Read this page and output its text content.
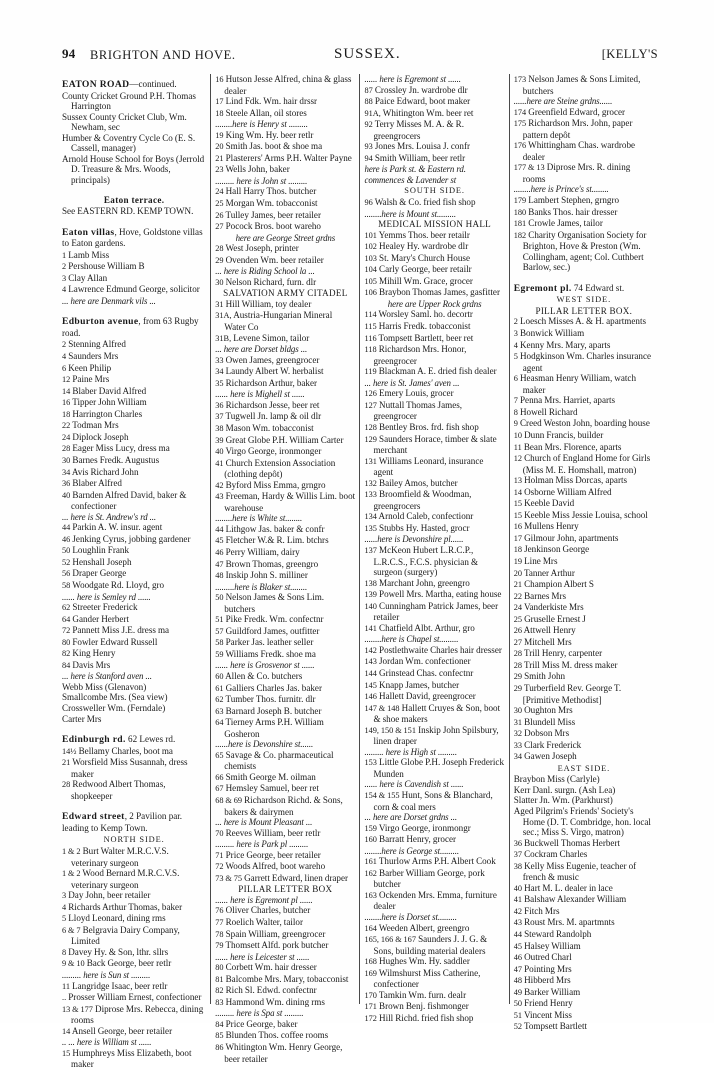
94 BRIGHTON AND HOVE.	SUSSEX.	[KELLY'S
EATON ROAD—continued.
County Cricket Ground P.H. Thomas Harrington
Sussex County Cricket Club, Wm. Newham, sec
Humber & Coventry Cycle Co (E. S. Cassell, manager)
Arnold House School for Boys (Jerrold D. Treasure & Mrs. Woods, principals)
Eaton terrace.
See EASTERN RD. KEMP TOWN.
Eaton villas, Hove, Goldstone villas to Eaton gardens.
1 Lamb Miss
2 Pershouse William B
3 Clay Allan
4 Lawrence Edmund George, solicitor
... here are Denmark vils ...
Edburton avenue, from 63 Rugby road.
2 Stenning Alfred
4 Saunders Mrs
6 Keen Philip
12 Paine Mrs
14 Blaber David Alfred
16 Tipper John William
18 Harrington Charles
22 Todman Mrs
24 Diplock Joseph
28 Eager Miss Lucy, dress ma
30 Barnes Fredk. Augustus
34 Avis Richard John
36 Blaber Alfred
40 Barnden Alfred David, baker & confectioner
... here is St. Andrew's rd ...
44 Parkin A. W. insur. agent
46 Jenking Cyrus, jobbing gardener
50 Loughlin Frank
52 Henshall Joseph
56 Draper George
58 Woodgate Rd. Lloyd, gro
...... here is Semley rd ......
62 Streeter Frederick
64 Gander Herbert
72 Pannett Miss J.E. dress ma
80 Fowler Edward Russell
82 King Henry
84 Davis Mrs
... here is Stanford aven ...
Webb Miss (Glenavon)
Smallcombe Mrs. (Sea view)
Crossweller Wm. (Ferndale)
Carter Mrs
Edinburgh rd. 62 Lewes rd.
14½ Bellamy Charles, boot ma
21 Worsfield Miss Susannah, dress maker
28 Redwood Albert Thomas, shopkeeper
Edward street, 2 Pavilion par. leading to Kemp Town.
NORTH SIDE.
1 & 2 Burt Walter M.R.C.V.S. veterinary surgeon
1 & 2 Wood Bernard M.R.C.V.S. veterinary surgeon
3 Day John, beer retailer
4 Richards Arthur Thomas, baker
5 Lloyd Leonard, dining rms
6 & 7 Belgravia Dairy Company, Limited
8 Davey Hy. & Son, lthr. sllrs
9 & 10 Back George, beer retlr
......... here is Sun st .........
11 Langridge Isaac, beer retlr
.. Prosser William Ernest, confectioner
13 & 177 Diprose Mrs. Rebecca, dining rooms
14 Ansell George, beer retailer
.. ... here is William st ......
15 Humphreys Miss Elizabeth, boot maker
16 Hutson Jesse Alfred, china & glass dealer
17 Lind Fdk. Wm. hair drssr
18 Steele Allan, oil stores
........here is Henry st .........
19 King Wm. Hy. beer retlr
20 Smith Jas. boot & shoe ma
21 Plasterers' Arms P.H. Walter Payne
23 Wells John, baker
......... here is John st .........
24 Hall Harry Thos. butcher
25 Morgan Wm. tobacconist
26 Tulley James, beer retailer
27 Pocock Bros. boot wareho
here are George Street grdns
28 West Joseph, printer
29 Ovenden Wm. beer retailer
... here is Riding School la ...
30 Nelson Richard, furn. dlr
SALVATION ARMY CITADEL
31 Hill William, toy dealer
31A, Austria-Hungarian Mineral Water Co
31B, Levene Simon, tailor
... here are Dorset bldgs ...
33 Owen James, greengrocer
34 Laundy Albert W. herbalist
35 Richardson Arthur, baker
...... here is Mighell st ......
36 Richardson Jesse, beer ret
37 Tugwell Jn. lamp & oil dlr
38 Mason Wm. tobacconist
39 Great Globe P.H. William Carter
40 Virgo George, ironmonger
41 Church Extension Association (clothing depôt)
42 Byford Miss Emma, grngro
43 Freeman, Hardy & Willis Lim. boot warehouse
........here is White st........
44 Lithgow Jas. baker & confr
45 Fletcher W.& R. Lim. btchrs
46 Perry William, dairy
47 Brown Thomas, greengro
48 Inskip John S. milliner
.........here is Blaker st........
50 Nelson James & Sons Lim. butchers
51 Pike Fredk. Wm. confectnr
57 Guildford James, outfitter
58 Parker Jas. leather seller
59 Williams Fredk. shoe ma
...... here is Grosvenor st ......
60 Allen & Co. butchers
61 Galliers Charles Jas. baker
62 Tumber Thos. furnitr. dlr
63 Barnard Joseph B. butcher
64 Tierney Arms P.H. William Gosheron
......here is Devonshire st......
65 Savage & Co. pharmaceutical chemists
66 Smith George M. oilman
67 Hemsley Samuel, beer ret
68 & 69 Richardson Richd. & Sons, bakers & dairymen
... here is Mount Pleasant ...
70 Reeves William, beer retlr
......... here is Park pl .........
71 Price George, beer retailer
72 Woods Alfred, boot wareho
73 & 75 Garrett Edward, linen draper
PILLAR LETTER BOX
...... here is Egremont pl ......
76 Oliver Charles, butcher
77 Roelich Walter, tailor
78 Spain William, greengrocer
79 Thomsett Alfd. pork butcher
...... here is Leicester st ......
80 Corbett Wm. hair dresser
81 Balcombe Mrs. Mary, tobacconist
82 Rich Sl. Edwd. confectnr
83 Hammond Wm. dining rms
......... here is Spa st .........
84 Price George, baker
85 Blunden Thos. coffee rooms
86 Whitington Wm. Henry George, beer retailer
...... here is Egremont st ......
87 Crossley Jn. wardrobe dlr
88 Paice Edward, boot maker
91A, Whitington Wm. beer ret
92 Terry Misses M. A. & R. greengrocers
93 Jones Mrs. Louisa J. confr
94 Smith William, beer retlr
here is Park st. & Eastern rd. commences & Lavender st
SOUTH SIDE.
96 Walsh & Co. fried fish shop
........here is Mount st.........
MEDICAL MISSION HALL
101 Yemms Thos. beer retailr
102 Healey Hy. wardrobe dlr
103 St. Mary's Church House
104 Carly George, beer retailr
105 Mihill Wm. Grace, grocer
106 Braybon Thomas James, gasfitter
here are Upper Rock grdns
114 Worsley Saml. ho. decortr
115 Harris Fredk. tobacconist
116 Tompsett Bartlett, beer ret
118 Richardson Mrs. Honor, greengrocer
119 Blackman A. E. dried fish dealer
... here is St. James' aven ...
126 Emery Louis, grocer
127 Nuttall Thomas James, greengrocer
128 Bentley Bros. frd. fish shop
129 Saunders Horace, timber & slate merchant
131 Williams Leonard, insurance agent
132 Bailey Amos, butcher
133 Broomfield & Woodman, greengrocers
134 Arnold Caleb, confectionr
135 Stubbs Hy. Hasted, grocr
......here is Devonshire pl......
137 McKeon Hubert L.R.C.P., L.R.C.S., F.C.S. physician & surgeon (surgery)
138 Marchant John, greengro
139 Powell Mrs. Martha, eating house
140 Cunningham Patrick James, beer retailer
141 Chatfield Albt. Arthur, gro
........here is Chapel st.........
142 Postlethwaite Charles hair dresser
143 Jordan Wm. confectioner
144 Grinstead Chas. confectnr
145 Knapp James, butcher
146 Hallett David, greengrocer
147 & 148 Hallett Cruyes & Son, boot & shoe makers
149, 150 & 151 Inskip John Spilsbury, linen draper
......... here is High st .........
153 Little Globe P.H. Joseph Frederick Munden
...... here is Cavendish st ......
154 & 155 Hunt, Sons & Blanchard, corn & coal mers
... here are Dorset grdns ...
159 Virgo George, ironmongr
160 Barratt Henry, grocer
........here is George st.........
161 Thurlow Arms P.H. Albert Cook
162 Barber William George, pork butcher
163 Ockenden Mrs. Emma, furniture dealer
........here is Dorset st.........
164 Weeden Albert, greengro
165, 166 & 167 Saunders J. J. G. & Sons, building material dealers
168 Hughes Wm. Hy. saddler
169 Wilmshurst Miss Catherine, confectioner
170 Tamkin Wm. furn. dealr
171 Brown Benj. fishmonger
172 Hill Richd. fried fish shop
173 Nelson James & Sons Limited, butchers
......here are Steine grdns......
174 Greenfield Edward, grocer
175 Richardson Mrs. John, paper pattern depôt
176 Whittingham Chas. wardrobe dealer
177 & 13 Diprose Mrs. R. dining rooms
........here is Prince's st........
179 Lambert Stephen, grngro
180 Banks Thos. hair dresser
181 Crowle James, tailor
182 Charity Organisation Society for Brighton, Hove & Preston (Wm. Collingham, agent; Col. Cuthbert Barlow, sec.)
Egremont pl. 74 Edward st.
WEST SIDE.
PILLAR LETTER BOX.
2 Loesch Misses A. & H. apartments
3 Bonwick William
4 Kenny Mrs. Mary, aparts
5 Hodgkinson Wm. Charles insurance agent
6 Heasman Henry William, watch maker
7 Penna Mrs. Harriet, aparts
8 Howell Richard
9 Creed Weston John, boarding house
10 Dunn Francis, builder
11 Bean Mrs. Florence, aparts
12 Church of England Home for Girls (Miss M. E. Homshall, matron)
13 Holman Miss Dorcas, aparts
14 Osborne William Alfred
15 Keeble David
15 Keeble Miss Jessie Louisa, school
16 Mullens Henry
17 Gilmour John, apartments
18 Jenkinson George
19 Line Mrs
20 Tanner Arthur
21 Champion Albert S
22 Barnes Mrs
24 Vanderkiste Mrs
25 Gruselle Ernest J
26 Attwell Henry
27 Mitchell Mrs
28 Trill Henry, carpenter
28 Trill Miss M. dress maker
29 Smith John
29 Turberfield Rev. George T. [Primitive Methodist]
30 Oughton Mrs
31 Blundell Miss
32 Dobson Mrs
33 Clark Frederick
34 Gawen Joseph
EAST SIDE.
Braybon Miss (Carlyle)
Kerr Danl. surgn. (Ash Lea)
Slatter Jn. Wm. (Parkhurst)
Aged Pilgrim's Friends' Society's Home (D. T. Combridge, hon. local sec.; Miss S. Virgo, matron)
36 Buckwell Thomas Herbert
37 Cockram Charles
38 Kelly Miss Eugenie, teacher of french & music
40 Hart M. L. dealer in lace
41 Balshaw Alexander William
42 Fitch Mrs
43 Roust Mrs. M. apartmnts
44 Steward Randolph
45 Halsey William
46 Outred Charl
47 Pointing Mrs
48 Hibberd Mrs
49 Barker William
50 Friend Henry
51 Vincent Miss
52 Tompsett Bartlett
